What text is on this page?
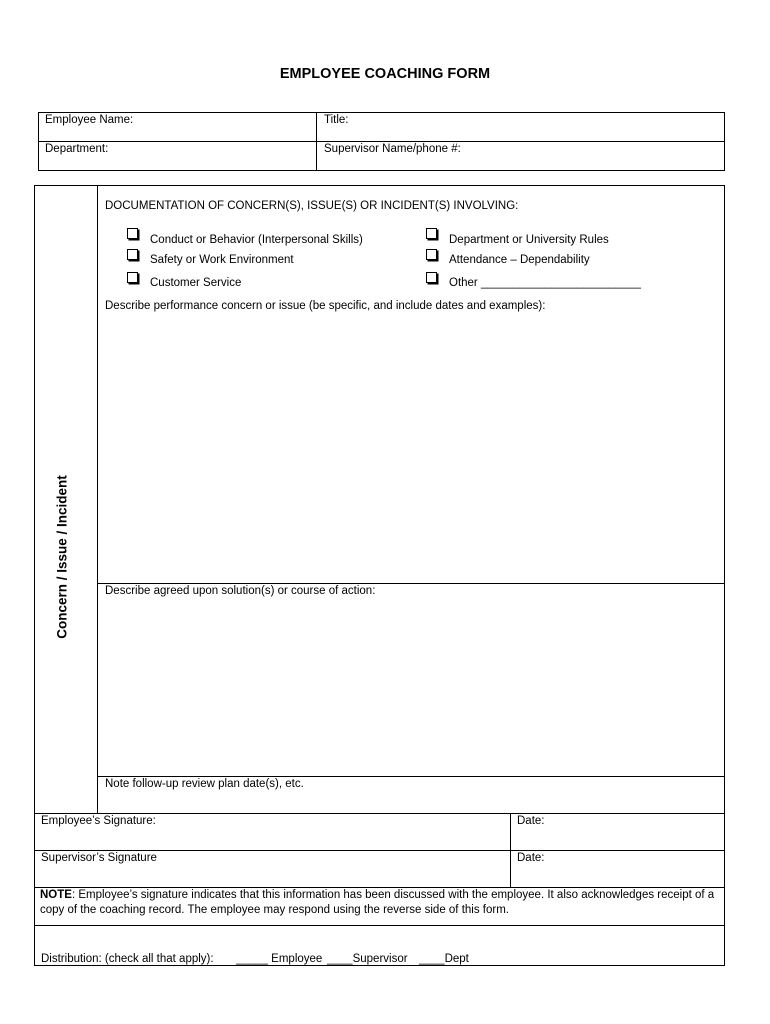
EMPLOYEE COACHING FORM
Employee Name:	Title:
Department:	Supervisor Name/phone #:
Concern / Issue / Incident
DOCUMENTATION OF CONCERN(S), ISSUE(S) OR INCIDENT(S) INVOLVING:
Conduct or Behavior (Interpersonal Skills)
Safety or Work Environment
Customer Service
Department or University Rules
Attendance – Dependability
Other _________________________
Describe performance concern or issue (be specific, and include dates and examples):
Describe agreed upon solution(s) or course of action:
Note follow-up review plan date(s), etc.
Employee’s Signature:	Date:
Supervisor’s Signature	Date:
NOTE: Employee’s signature indicates that this information has been discussed with the employee. It also acknowledges receipt of a copy of the coaching record. The employee may respond using the reverse side of this form.
Distribution: (check all that apply): _____ Employee ____Supervisor ____Dept
